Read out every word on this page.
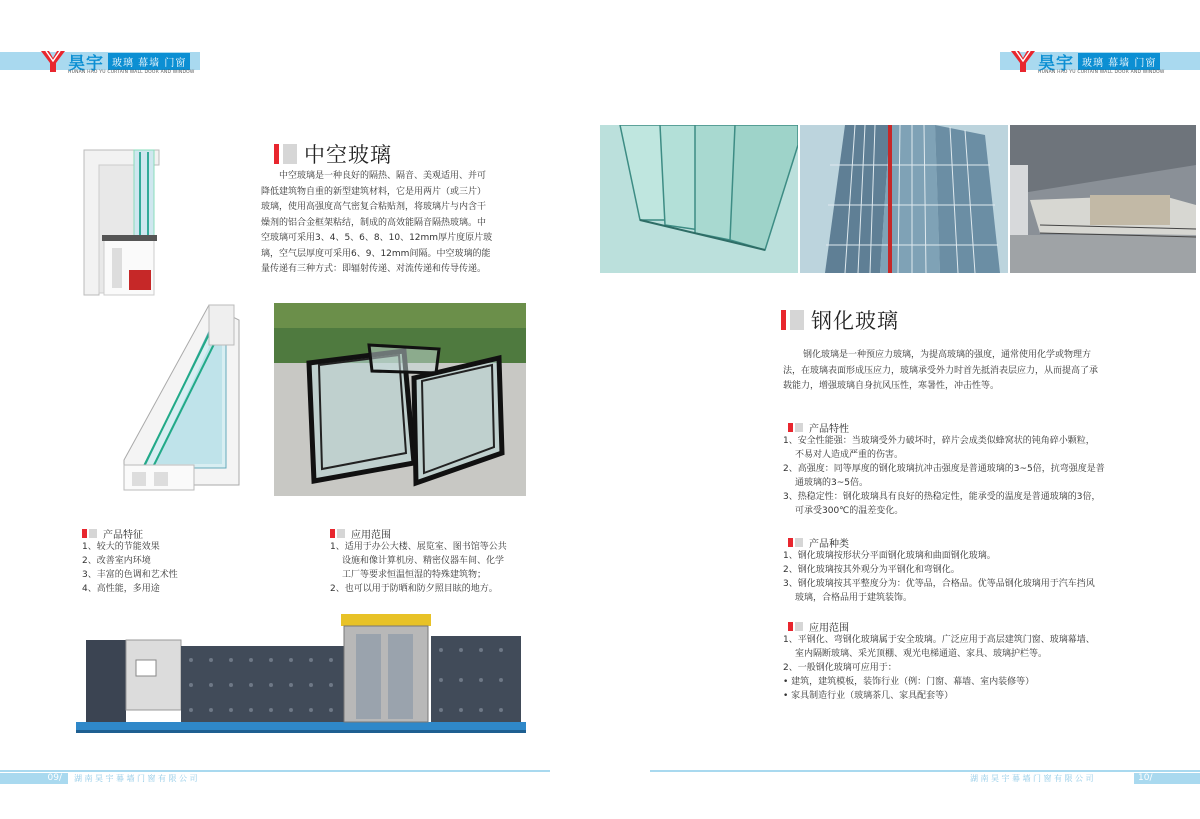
昊宇 玻璃 幕墙 门窗
HUNAN HAO YU CURTAIN WALL DOOR AND WINDOW	昊宇 玻璃 幕墙 门窗
HUNAN HAO YU CURTAIN WALL DOOR AND WINDOW
中空玻璃
中空玻璃是一种良好的隔热、隔音、美观适用、并可
降低建筑物自重的新型建筑材料，它是用两片（或三片）
玻璃，使用高强度高气密复合粘贴剂，将玻璃片与内含干
燥剂的铝合金框架粘结，制成的高效能隔音隔热玻璃。中
空玻璃可采用3、4、5、6、8、10、12mm厚片度原片玻
璃，空气层厚度可采用6、9、12mm间隔。中空玻璃的能
量传递有三种方式：即辐射传递、对流传递和传导传递。
产品特征
1、较大的节能效果
2、改善室内环境
3、丰富的色调和艺术性
4、高性能，多用途
应用范围
1、适用于办公大楼、展览室、图书馆等公共
设施和像计算机房、精密仪器车间、化学
工厂等要求恒温恒湿的特殊建筑物；
2、也可以用于防晒和防夕照目眩的地方。
钢化玻璃
钢化玻璃是一种预应力玻璃，为提高玻璃的强度，通常使用化学或物理方
法，在玻璃表面形成压应力，玻璃承受外力时首先抵消表层应力，从而提高了承
载能力，增强玻璃自身抗风压性，寒暑性，冲击性等。
产品特性
1、安全性能强：当玻璃受外力破坏时，碎片会成类似蜂窝状的钝角碎小颗粒，
不易对人造成严重的伤害。
2、高强度：同等厚度的钢化玻璃抗冲击强度是普通玻璃的3~5倍，抗弯强度是普
通玻璃的3~5倍。
3、热稳定性：钢化玻璃具有良好的热稳定性，能承受的温度是普通玻璃的3倍，
可承受300℃的温差变化。
产品种类
1、钢化玻璃按形状分平面钢化玻璃和曲面钢化玻璃。
2、钢化玻璃按其外观分为平钢化和弯钢化。
3、钢化玻璃按其平整度分为：优等品，合格品。优等品钢化玻璃用于汽车挡风
玻璃，合格品用于建筑装饰。
应用范围
1、平钢化、弯钢化玻璃属于安全玻璃。广泛应用于高层建筑门窗、玻璃幕墙、
室内隔断玻璃、采光顶棚、观光电梯通道、家具、玻璃护栏等。
2、一般钢化玻璃可应用于：
• 建筑，建筑模板，装饰行业（例：门窗、幕墙、室内装修等）
• 家具制造行业（玻璃茶几、家具配套等）
09/	湖南昊宇幕墙门窗有限公司	湖南昊宇幕墙门窗有限公司	10/
